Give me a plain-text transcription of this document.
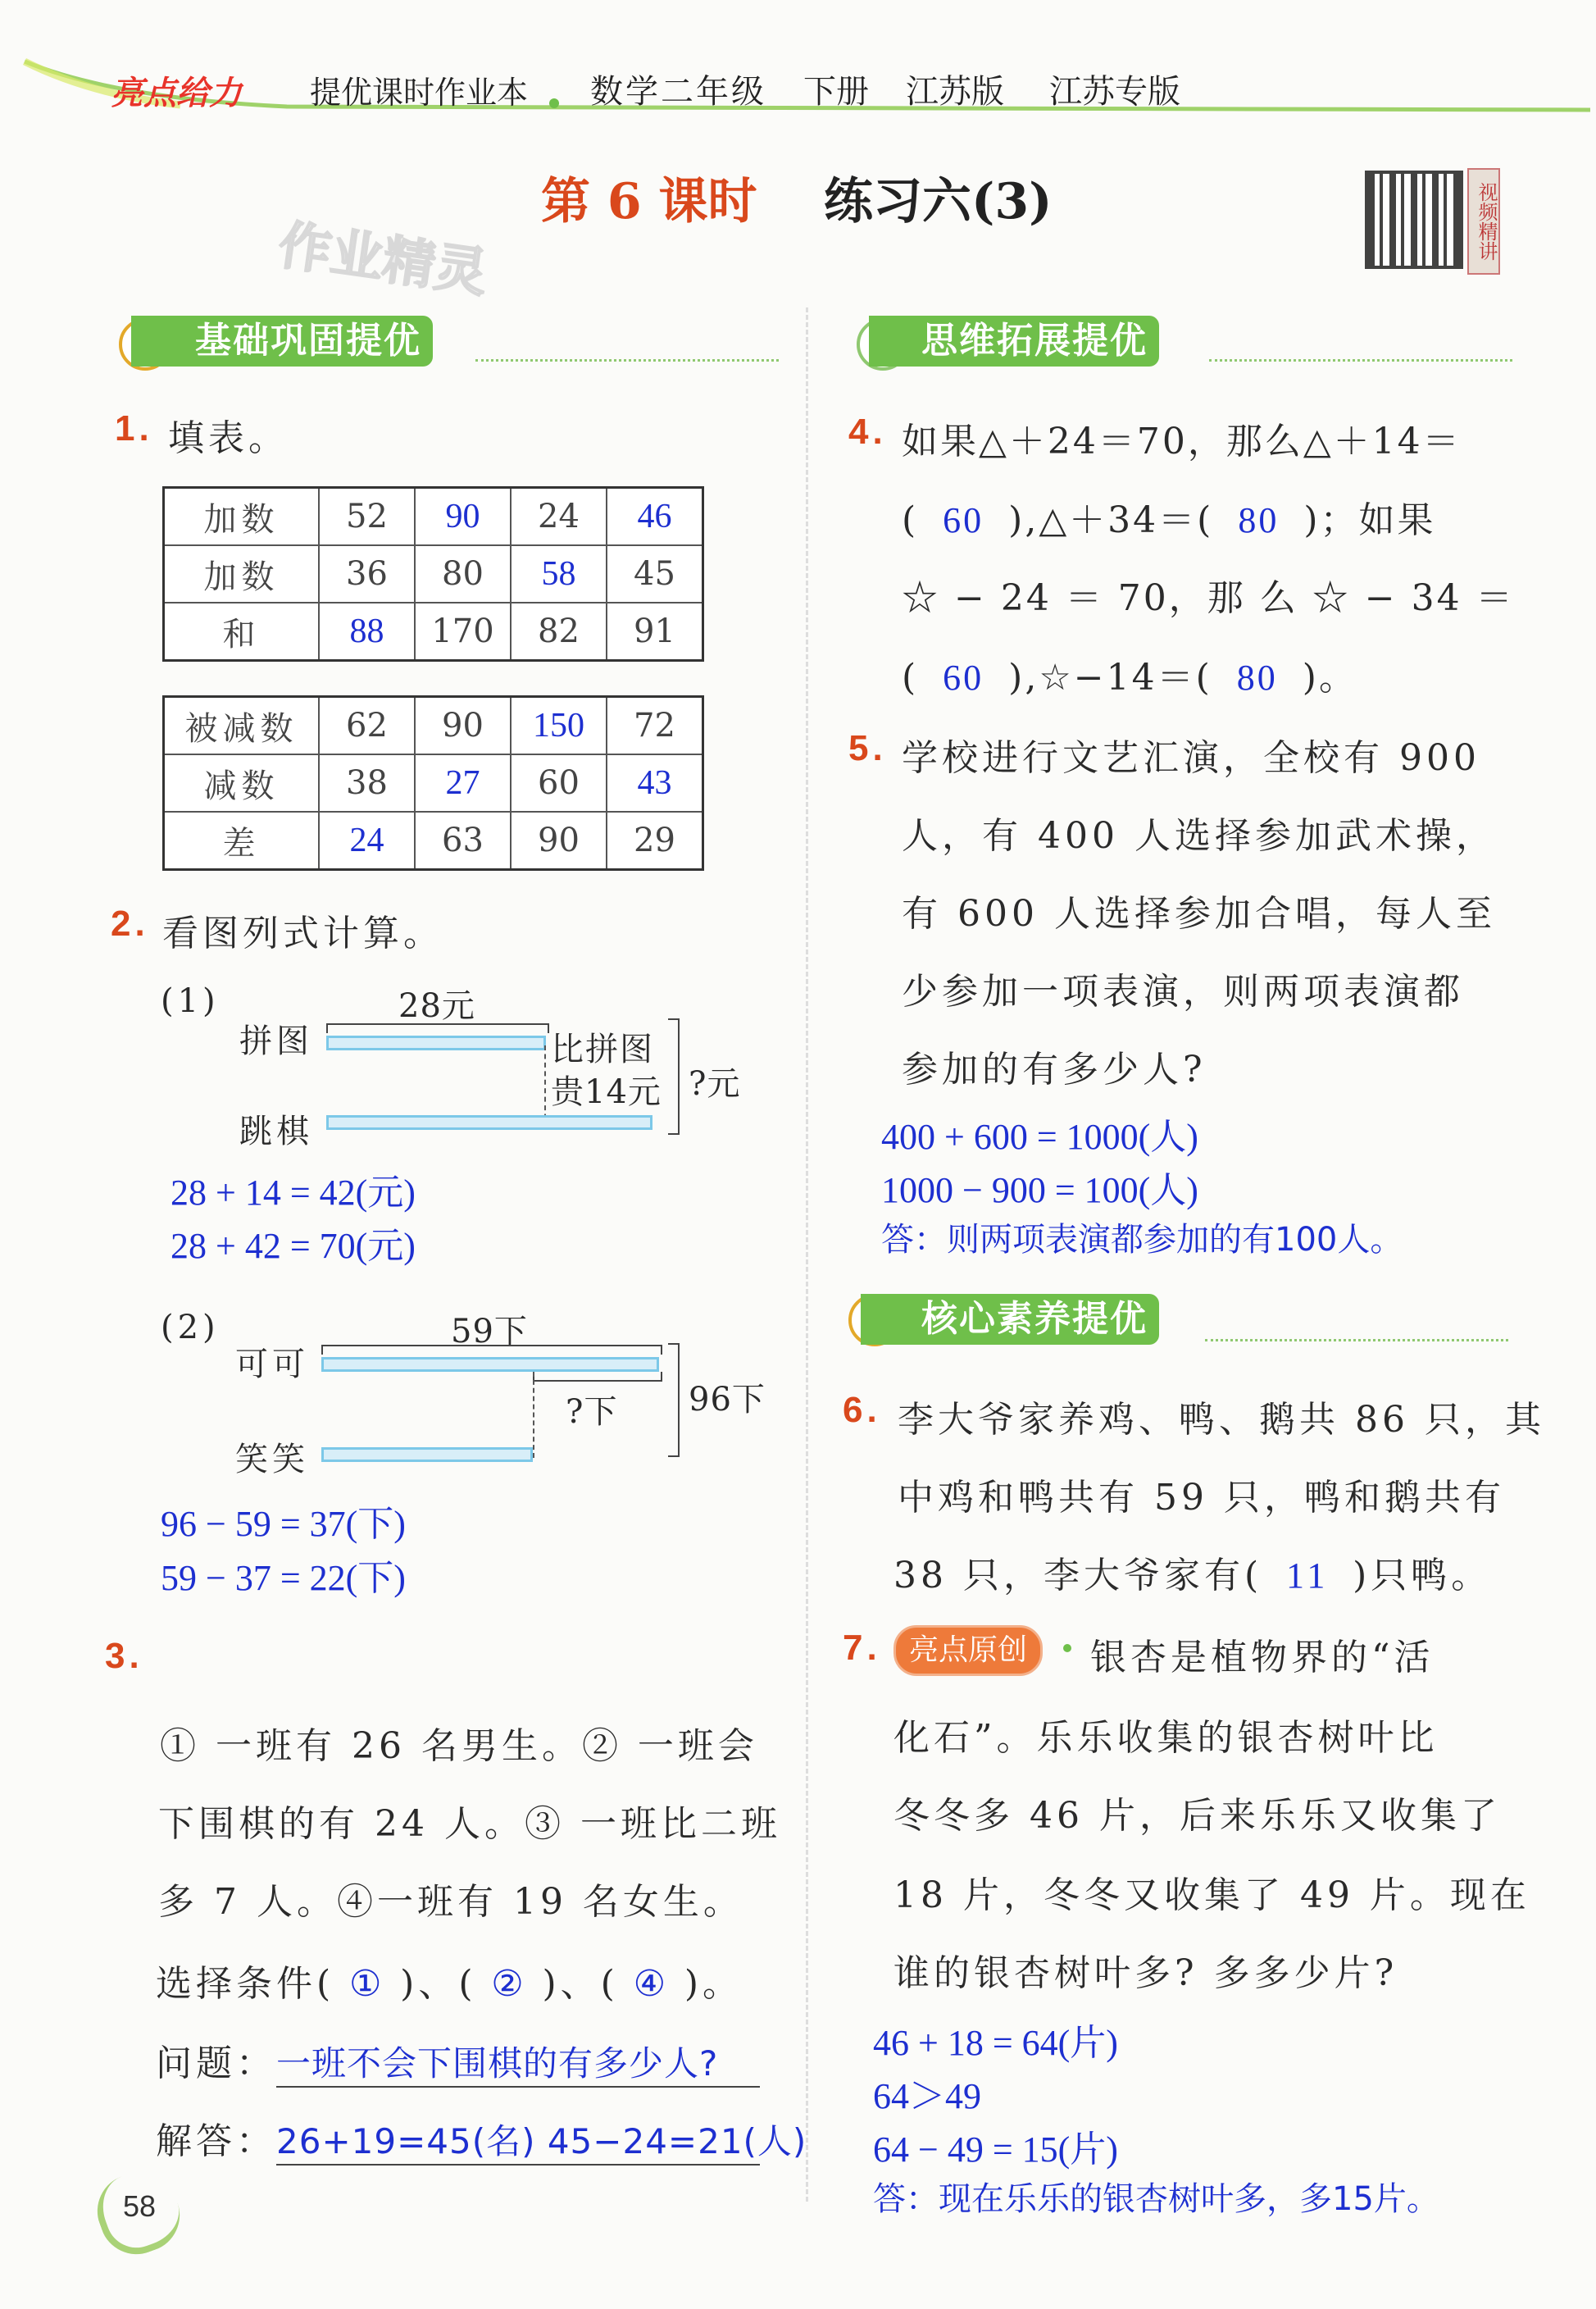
亮点给力 提优课时作业本 数学二年级 下册 江苏版 江苏专版
第 6 课时 练习六(3)	视频精讲
作业精灵
基础巩固提优
1. 填表。
加数	52	90	24	46
加数	36	80	58	45
和	88	170	82	91
被减数	62	90	150	72
减数	38	27	60	43
差	24	63	90	29
2. 看图列式计算。
(1)	28元
拼图	比拼图
贵14元 ?元
跳棋
28 + 14 = 42(元)
28 + 42 = 70(元)
(2)	59下
可可
?下 96下
笑笑
96 − 59 = 37(下)
59 − 37 = 22(下)
3.
① 一班有 26 名男生。② 一班会
下围棋的有 24 人。③ 一班比二班
多 7 人。④一班有 19 名女生。
选择条件( ① )、( ② )、( ④ )。
问题：一班不会下围棋的有多少人?
解答：26+19=45(名) 45−24=21(人)
思维拓展提优
4. 如果△＋24＝70，那么△＋14＝
( 60 ),△＋34＝( 80 )；如果
☆ − 24 ＝ 70，那 么 ☆ − 34 ＝
( 60 ),☆−14＝( 80 )。
5. 学校进行文艺汇演，全校有 900
人，有 400 人选择参加武术操，
有 600 人选择参加合唱，每人至
少参加一项表演，则两项表演都
参加的有多少人?
400 + 600 = 1000(人)
1000 − 900 = 100(人)
答：则两项表演都参加的有100人。
核心素养提优
6. 李大爷家养鸡、鸭、鹅共 86 只，其
中鸡和鸭共有 59 只，鸭和鹅共有
38 只，李大爷家有( 11 )只鸭。
7. 亮点原创	银杏是植物界的“活
化石”。乐乐收集的银杏树叶比
冬冬多 46 片，后来乐乐又收集了
18 片，冬冬又收集了 49 片。现在
谁的银杏树叶多? 多多少片?
46 + 18 = 64(片)
64＞49
64 − 49 = 15(片)
答：现在乐乐的银杏树叶多，多15片。
58
